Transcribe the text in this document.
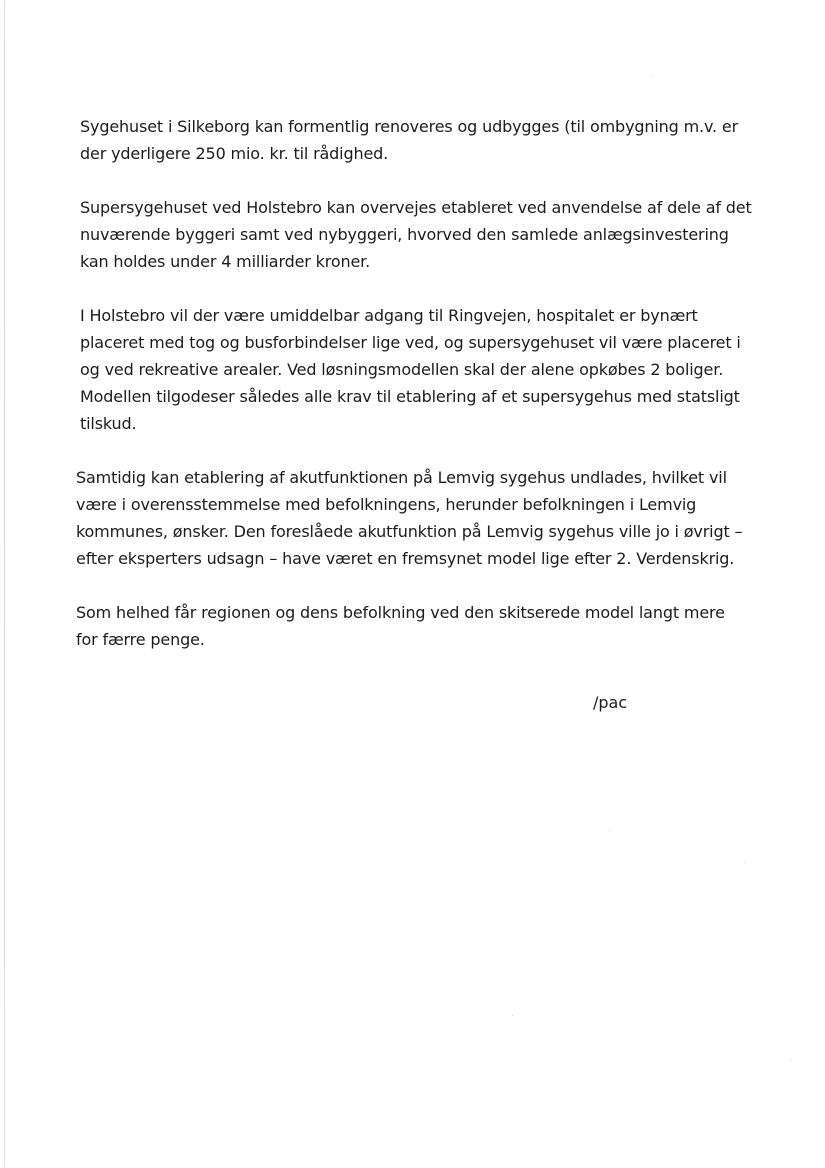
Sygehuset i Silkeborg kan formentlig renoveres og udbygges (til ombygning m.v. er
der yderligere 250 mio. kr. til rådighed.

Supersygehuset ved Holstebro kan overvejes etableret ved anvendelse af dele af det
nuværende byggeri samt ved nybyggeri, hvorved den samlede anlægsinvestering
kan holdes under 4 milliarder kroner.

I Holstebro vil der være umiddelbar adgang til Ringvejen, hospitalet er bynært
placeret med tog og busforbindelser lige ved, og supersygehuset vil være placeret i
og ved rekreative arealer. Ved løsningsmodellen skal der alene opkøbes 2 boliger.
Modellen tilgodeser således alle krav til etablering af et supersygehus med statsligt
tilskud.

Samtidig kan etablering af akutfunktionen på Lemvig sygehus undlades, hvilket vil
være i overensstemmelse med befolkningens, herunder befolkningen i Lemvig
kommunes, ønsker. Den foreslåede akutfunktion på Lemvig sygehus ville jo i øvrigt –
efter eksperters udsagn – have været en fremsynet model lige efter 2. Verdenskrig.

Som helhed får regionen og dens befolkning ved den skitserede model langt mere
for færre penge.

/pac
